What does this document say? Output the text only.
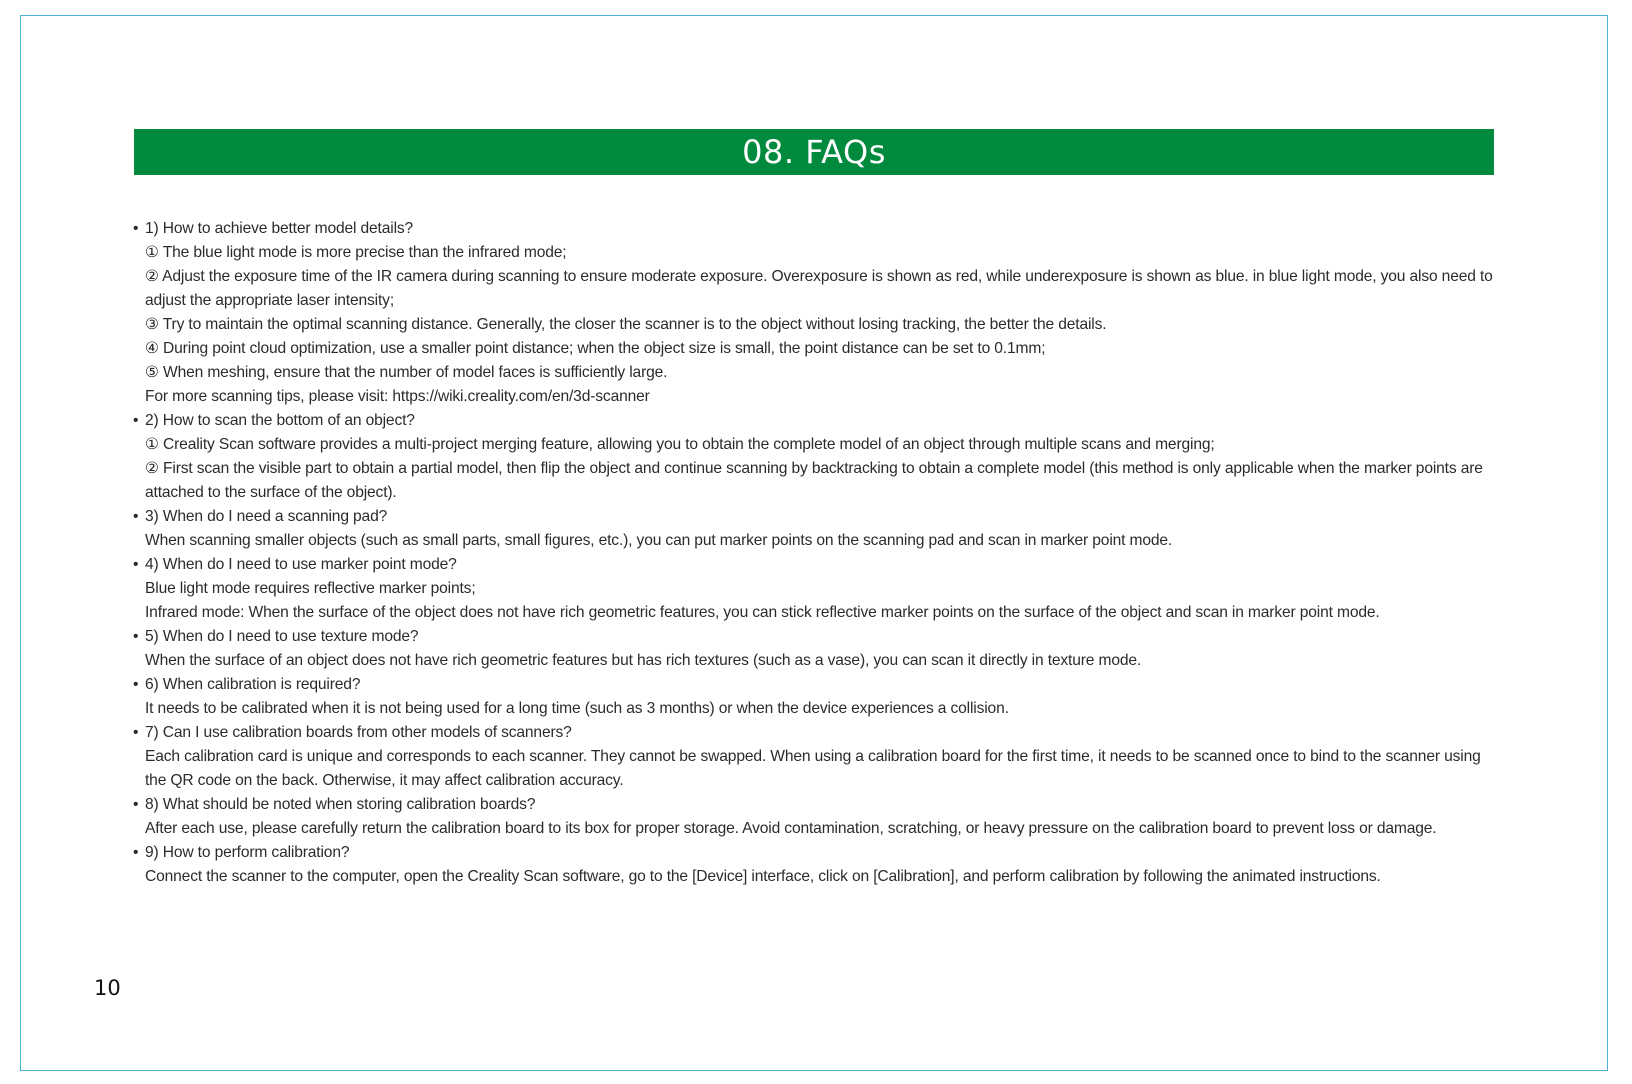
08. FAQs
• 1) How to achieve better model details?
① The blue light mode is more precise than the infrared mode;
② Adjust the exposure time of the IR camera during scanning to ensure moderate exposure. Overexposure is shown as red, while underexposure is shown as blue. in blue light mode, you also need to adjust the appropriate laser intensity;
③ Try to maintain the optimal scanning distance. Generally, the closer the scanner is to the object without losing tracking, the better the details.
④ During point cloud optimization, use a smaller point distance; when the object size is small, the point distance can be set to 0.1mm;
⑤ When meshing, ensure that the number of model faces is sufficiently large.
For more scanning tips, please visit: https://wiki.creality.com/en/3d-scanner
• 2) How to scan the bottom of an object?
① Creality Scan software provides a multi-project merging feature, allowing you to obtain the complete model of an object through multiple scans and merging;
② First scan the visible part to obtain a partial model, then flip the object and continue scanning by backtracking to obtain a complete model (this method is only applicable when the marker points are attached to the surface of the object).
• 3) When do I need a scanning pad?
When scanning smaller objects (such as small parts, small figures, etc.), you can put marker points on the scanning pad and scan in marker point mode.
• 4) When do I need to use marker point mode?
Blue light mode requires reflective marker points;
Infrared mode: When the surface of the object does not have rich geometric features, you can stick reflective marker points on the surface of the object and scan in marker point mode.
• 5) When do I need to use texture mode?
When the surface of an object does not have rich geometric features but has rich textures (such as a vase), you can scan it directly in texture mode.
• 6) When calibration is required?
It needs to be calibrated when it is not being used for a long time (such as 3 months) or when the device experiences a collision.
• 7) Can I use calibration boards from other models of scanners?
Each calibration card is unique and corresponds to each scanner. They cannot be swapped. When using a calibration board for the first time, it needs to be scanned once to bind to the scanner using the QR code on the back. Otherwise, it may affect calibration accuracy.
• 8) What should be noted when storing calibration boards?
After each use, please carefully return the calibration board to its box for proper storage. Avoid contamination, scratching, or heavy pressure on the calibration board to prevent loss or damage.
• 9) How to perform calibration?
Connect the scanner to the computer, open the Creality Scan software, go to the [Device] interface, click on [Calibration], and perform calibration by following the animated instructions.
10
